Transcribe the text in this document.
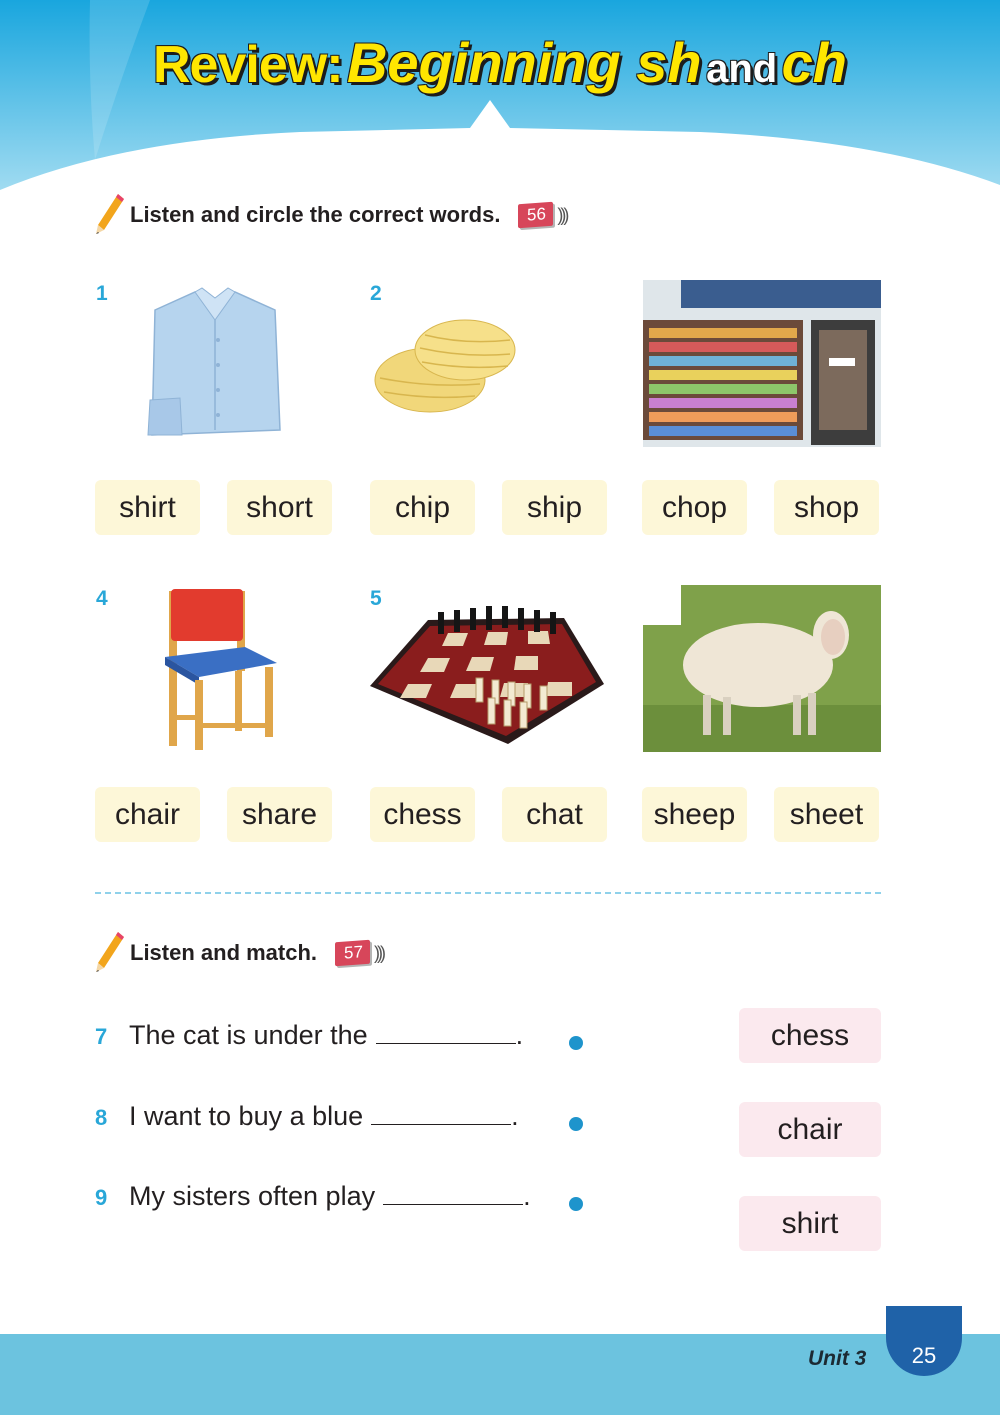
Review: Beginning sh and ch
Listen and circle the correct words.	56 )))
1	2
4	5
shirt	short	chip	ship	chop	shop
chair	share	chess	chat	sheep	sheet
Listen and match.	57 )))
7 The cat is under the	.
8 I want to buy a blue	.
9 My sisters often play	.
chess
chair
shirt
Unit 3	25
